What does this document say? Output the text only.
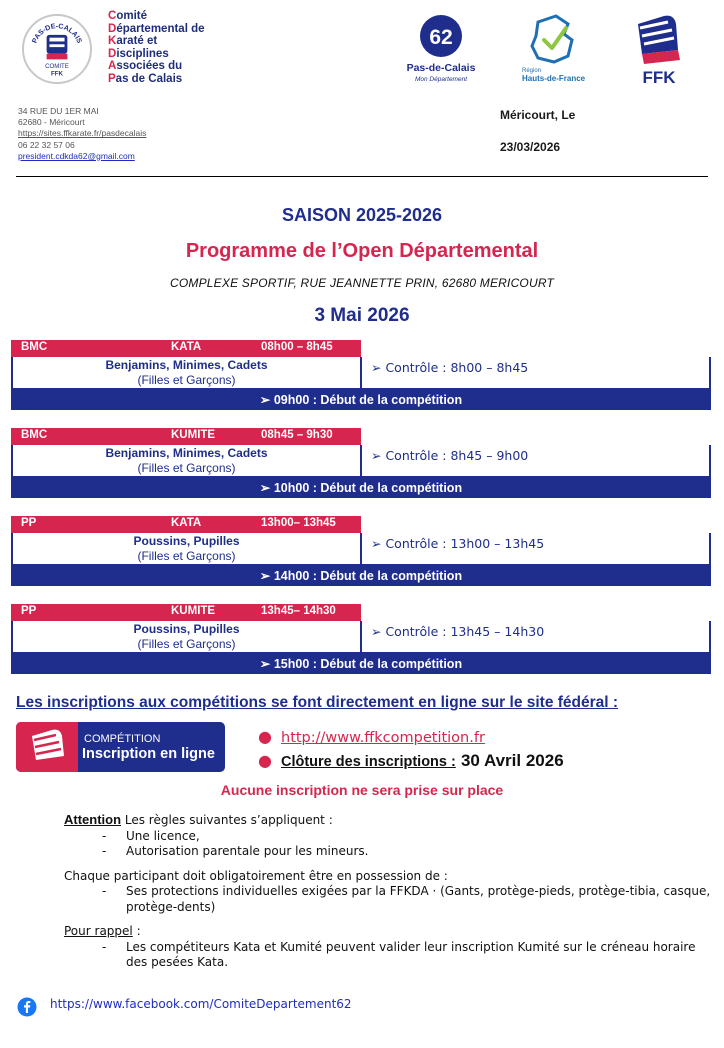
PAS-DE-CALAIS
COMITE
FFK
Comité
Départemental de
Karaté et
Disciplines
Associées du
Pas de Calais
62
Pas-de-Calais
Mon Département
Région
Hauts-de-France	FFK
34 RUE DU 1ER MAI
62680 - Méricourt
https://sites.ffkarate.fr/pasdecalais
06 22 32 57 06
president.cdkda62@gmail.com
Méricourt, Le
23/03/2026
SAISON 2025-2026
Programme de l’Open Départemental
COMPLEXE SPORTIF, RUE JEANNETTE PRIN, 62680 MERICOURT
3 Mai 2026
BMC	KATA	08h00 – 8h45
Benjamins, Minimes, Cadets
(Filles et Garçons)
➢ Contrôle : 8h00 – 8h45
➢ 09h00 : Début de la compétition
BMC	KUMITE	08h45 – 9h30
Benjamins, Minimes, Cadets
(Filles et Garçons)
➢ Contrôle : 8h45 – 9h00
➢ 10h00 : Début de la compétition
PP	KATA	13h00– 13h45
Poussins, Pupilles
(Filles et Garçons)
➢ Contrôle : 13h00 – 13h45
➢ 14h00 : Début de la compétition
PP	KUMITE	13h45– 14h30
Poussins, Pupilles
(Filles et Garçons)
➢ Contrôle : 13h45 – 14h30
➢ 15h00 : Début de la compétition
Les inscriptions aux compétitions se font directement en ligne sur le site fédéral :
COMPÉTITION
Inscription en ligne
● http://www.ffkcompetition.fr
● Clôture des inscriptions : 30 Avril 2026
Aucune inscription ne sera prise sur place
Attention Les règles suivantes s’appliquent :
- Une licence,
- Autorisation parentale pour les mineurs.
Chaque participant doit obligatoirement être en possession de :
- Ses protections individuelles exigées par la FFKDA · (Gants, protège-pieds, protège-tibia, casque, protège-dents)
Pour rappel :
- Les compétiteurs Kata et Kumité peuvent valider leur inscription Kumité sur le créneau horaire des pesées Kata.
https://www.facebook.com/ComiteDepartement62
